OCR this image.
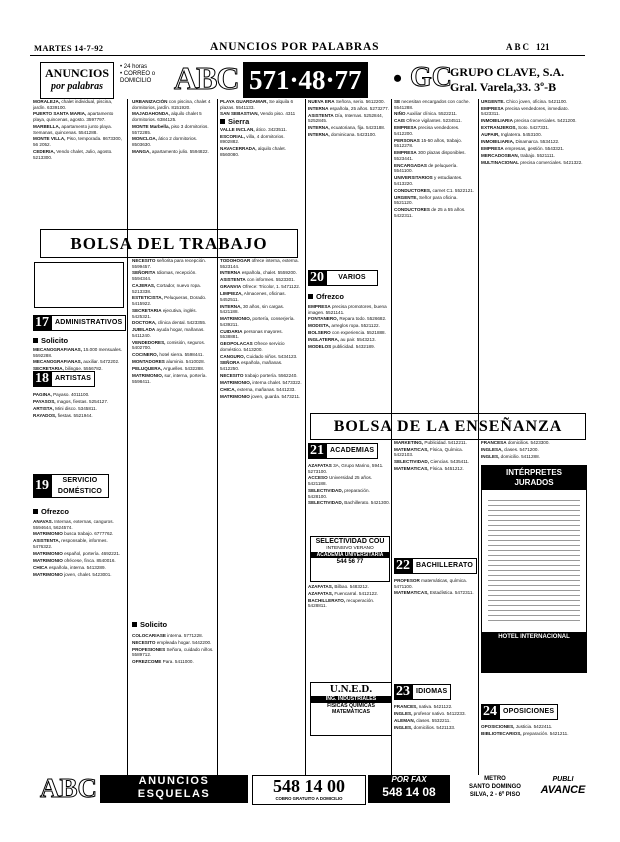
MARTES 14-7-92	ANUNCIOS POR PALABRAS	ABC 121
ANUNCIOS
por palabras
• 24 horas
• CORREO o
DOMICILIO ABC 571·48·77 • GC
GRUPO CLAVE, S.A.
Gral. Varela,33. 3º-B

MORALEJA, chalet individual, piscina, jardín. 6339100.

PUERTO SANTA MARIA, apartamento playa, quincenas, agosto. 3597797.

MARBELLA, apartamento junto playa. Semanas, quincenas. 5541288.

MONTE VILLA, Piso, temporada. 8673300, 56 2052.

CEDERIA, Vendo chalet, Julio, agosto. 5213300.

URBANIZACIÓN con piscina, chalet 4 dormitorios, jardín. 8151920.

MAJADAHONDA, alquilo chalet 5 dormitorios. 6384125.

MONTE Marbella, piso 3 dormitorios. 5572285.

MONCLOA, ático 2 dormitorios. 8503630.

MANGA, apartamento julio. 5594822.

PLAYA GUARDAMAR, Se alquila 6 plazas. 5541133.

SAN SEBASTIAN, Vendo piso. 4311

Sierra

VALLE INCLAN, ático. 3423511.

ESCORIAL, villa, 4 dormitorios. 8902882.

NAVACERRADA, alquilo chalet. 8560080.

BOLSA DEL TRABAJO
17 ADMINISTRATIVOS
Solicito

MECANOGRAFIANAS, 15.000 mensuales. 5592288.

MECANOGRAFIANAS, auxiliar. 5472202.

SECRETARIA, bilingüe. 5556782.

18 ARTISTAS

PAGINA, Payaso. 4011100.

PAYASOS, magos, fiestas. 5254127.

ARTISTA, Mini disco. 5345811.

RAYADOS, fiestas. 5521944.

19	SERVICIO DOMÉSTICO
Ofrezco

ANAVAS. Internas, externas, canguros. 5594644, 5624574.

MATRIMONIO busca trabajo. 6777762.

ASISTENTA, responsable, informes. 5476322.

MATRIMONIO español, portería. 4692221.

MATRIMONIO ofrécese, finca. 8540016.

CHICA española, interna. 5413289.

MATRIMONIO joven, chalet. 5423001.

NECESITO señorita para recepción. 5599457.

SEÑORITA Idiomas, recepción. 5594344.

CAJERAS, Cortador, nuevo ropa. 5213338.

ESTETICISTA, Peluqueras, Dorado. 5415922.

SECRETARIA ejecutiva, inglés. 5425321.

DOCTORA, clínica dental. 5423355.

JUBILADA ayuda hogar, mañanas. 5411240.

VENDEDORES, comisión, seguros. 5402700.

COCINERO, hotel sierra. 5598441.

MONTADORES aluminio. 5410028.

PELUQUERA, Arguelles. 5432288.

MATRIMONIO, sur, interna, portería. 5598411.

Solicito

COLOCARIASE interna. 5771228.

NECESITO empleada hogar. 5442200.

PROFESIONES Señora, cuidado niños. 5589712.

OFREZCOME Para. 5411000.

TODOHOGAR ofrece interna, externa. 5523144.

INTERNA española, chalet. 5559200.

ASISTENTA con informes. 5523301.

GRANVIA Ofrece: Tricolor, 1. 5471122.

LIMPIEZA, Almacenes, oficinas. 5452511.

INTERNA, 30 años, sin cargas. 5421188.

MATRIMONIO, portería, conserjería. 5439211.

CUIDARIA personas mayores. 5538881.

GEOPOLACAS Ofrece servicio doméstico. 5413200.

CANGURO, Cuidado niños. 5434123.

SEÑORA española, mañanas. 5412250.

NECESITO trabajo portería. 5562240.

MATRIMONIO, interna chalet. 5473322.

CHICA, externa, mañanas. 5441233.

MATRIMONIO joven, guarda. 5473211.

NUEVA ERA Señora, serio. 5612200.

INTERNA española, 25 años. 5273277.

ASISTENTA Día, Internas. 5252844, 5252845.

INTERNA, ecuatoriana, fija. 5423188.

INTERNA, dominicana. 5423100.

20	VARIOS
Ofrezco

EMPRESA precisa promotores, buena imagen. 5521141.

FONTANERO, Repara todo. 5526682.

MODISTA, arreglos ropa. 5521122.

BOLSERO con experiencia. 5521888.

INGLATERRA, au pair. 5543213.

MODELOS publicidad. 5432189.

SE necesitan encargados con coche. 5541288.

NIÑO Auxiliar clínica. 5522211.

CAIS Ofrece vigilantes. 5234511.

EMPRESA precisa vendedores. 5412200.

PERSONAS 15-50 años, trabajo. 5512278.

EMPRESA 300 plazas disponibles. 5523441.

ENCARGADAS de peluquería. 5541100.

UNIVERSITARIOS y estudiantes. 5413220.

CONDUCTORES, carnet C1. 5522121.

URGENTE, Señor para oficina. 5521120.

CONDUCTORES de 25 a 55 años. 5422311.

URGENTE. Chico joven, oficina. 5421100.

EMPRESA precisa vendedores, inmediato. 5423311.

INMOBILIARIA precisa comerciales. 5421200.

EXTRANJEROS, Soto. 5427331.

AUPAIR, Inglaterra. 5453100.

INMOBILIARIA, Dinamarca. 5534122.

EMPRESA empresas, gestión. 5543321.

MERCADOSBAN, trabajo. 5521111.

MULTINACIONAL precisa comerciales. 5421322.

BOLSA DE LA ENSEÑANZA
21 ACADEMIAS

AZAFATAS 3A, Grupo Marino, 5941. 5273100.

ACCESO Universidad 25 años. 5421188.

SELECTIVIDAD, preparación. 5428100.

SELECTIVIDAD, Bachillerato. 5421300.

SELECTIVIDAD COU
INTENSIVO VERANO
ACADEMIA UNIVERSITARIA
544 56 77

AZAFATAS, Bilbao. 5483212.

AZAFATAS, Fuencarral. 5412122.

BACHILLERATO, recuperación. 5428811.

U.N.E.D.
ING. INDUSTRIALES
FÍSICAS QUÍMICAS
MATEMÁTICAS

MARKETING, Publicidad. 5412211.

MATEMATICAS, Física, Química. 5422103.

SELECTIVIDAD, Ciencias. 5435411.

MATEMATICAS, Física. 5451212.

22 BACHILLERATO

PROFESOR matemáticas, química. 5471100.

MATEMATICAS, Estadística. 5472311.

23 IDIOMAS

FRANCES, nativa. 5421122.

INGLES, profesor nativo. 5412233.

ALEMAN, clases. 5532211.

INGLES, domicilios. 5421133.

FRANCESA domicilios. 5423300.

INGLESA, clases. 5471200.

INGLES, domicilio. 5411288.

INTÉRPRETES JURADOS
HOTEL INTERNACIONAL
24 OPOSICIONES

OPOSICIONES, Justicia. 5422411.

BIBLIOTECARIOS, preparación. 5421211.

ABC	ANUNCIOS
ESQUELAS	548 14 00
COBRO GRATUITO A DOMICILIO
POR FAX
548 14 08
METRO
SANTO DOMINGO
SILVA, 2 - 6º PISO
PUBLI
AVANCE
